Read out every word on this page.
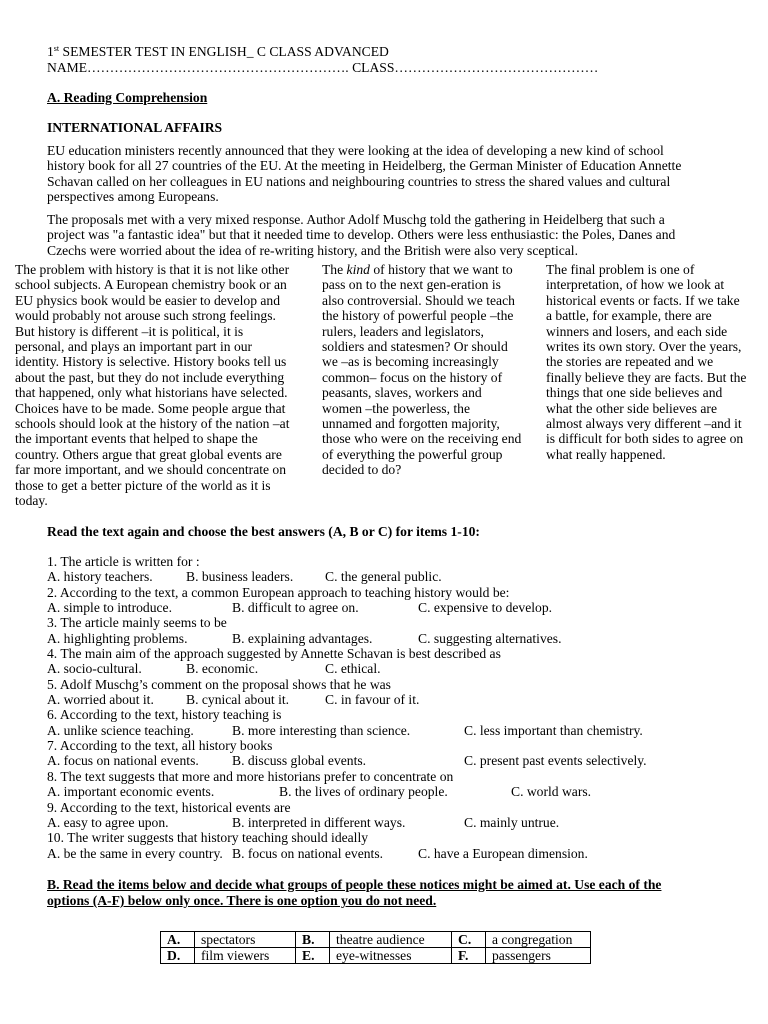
1st SEMESTER TEST IN ENGLISH_ C CLASS ADVANCED
NAME…………………………………………………. CLASS………………………………………
A. Reading Comprehension
INTERNATIONAL AFFAIRS
EU education ministers recently announced that they were looking at the idea of developing a new kind of school
history book for all 27 countries of the EU. At the meeting in Heidelberg, the German Minister of Education Annette
Schavan called on her colleagues in EU nations and neighbouring countries to stress the shared values and cultural
perspectives among Europeans.
The proposals met with a very mixed response. Author Adolf Muschg told the gathering in Heidelberg that such a
project was "a fantastic idea" but that it needed time to develop. Others were less enthusiastic: the Poles, Danes and
Czechs were worried about the idea of re-writing history, and the British were also very sceptical.
The problem with history is that it is not like other
school subjects. A European chemistry book or an
EU physics book would be easier to develop and
would probably not arouse such strong feelings.
But history is different –it is political, it is
personal, and plays an important part in our
identity. History is selective. History books tell us
about the past, but they do not include everything
that happened, only what historians have selected.
Choices have to be made. Some people argue that
schools should look at the history of the nation –at
the important events that helped to shape the
country. Others argue that great global events are
far more important, and we should concentrate on
those to get a better picture of the world as it is
today.
The kind of history that we want to
pass on to the next gen-eration is
also controversial. Should we teach
the history of powerful people –the
rulers, leaders and legislators,
soldiers and statesmen? Or should
we –as is becoming increasingly
common– focus on the history of
peasants, slaves, workers and
women –the powerless, the
unnamed and forgotten majority,
those who were on the receiving end
of everything the powerful group
decided to do?
The final problem is one of
interpretation, of how we look at
historical events or facts. If we take
a battle, for example, there are
winners and losers, and each side
writes its own story. Over the years,
the stories are repeated and we
finally believe they are facts. But the
things that one side believes and
what the other side believes are
almost always very different –and it
is difficult for both sides to agree on
what really happened.
Read the text again and choose the best answers (A, B or C) for items 1-10:
1. The article is written for :
A. history teachers. B. business leaders. C. the general public.
2. According to the text, a common European approach to teaching history would be:
A. simple to introduce.	B. difficult to agree on.	C. expensive to develop.
3. The article mainly seems to be
A. highlighting problems.	B. explaining advantages.	C. suggesting alternatives.
4. The main aim of the approach suggested by Annette Schavan is best described as
A. socio-cultural.	B. economic.	C. ethical.
5. Adolf Muschg’s comment on the proposal shows that he was
A. worried about it. B. cynical about it.	C. in favour of it.
6. According to the text, history teaching is
A. unlike science teaching.	B. more interesting than science.	C. less important than chemistry.
7. According to the text, all history books
A. focus on national events. B. discuss global events.	C. present past events selectively.
8. The text suggests that more and more historians prefer to concentrate on
A. important economic events.	B. the lives of ordinary people.	C. world wars.
9. According to the text, historical events are
A. easy to agree upon.	B. interpreted in different ways.	C. mainly untrue.
10. The writer suggests that history teaching should ideally
A. be the same in every country. B. focus on national events.	C. have a European dimension.
B. Read the items below and decide what groups of people these notices might be aimed at. Use each of the
options (A-F) below only once. There is one option you do not need.
A.	spectators	B.	theatre audience	C.	a congregation
D.	film viewers	E.	eye-witnesses	F.	passengers
